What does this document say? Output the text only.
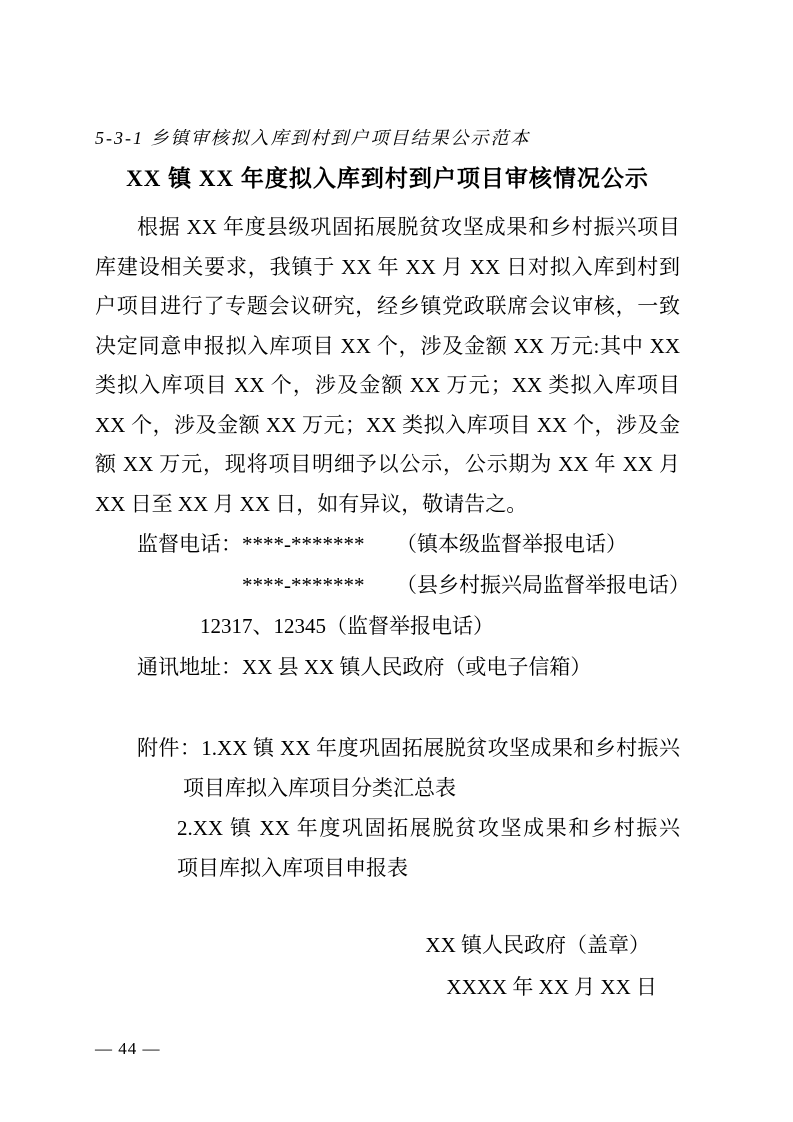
5-3-1 乡镇审核拟入库到村到户项目结果公示范本
XX 镇 XX 年度拟入库到村到户项目审核情况公示
根据 XX 年度县级巩固拓展脱贫攻坚成果和乡村振兴项目
库建设相关要求，我镇于 XX 年 XX 月 XX 日对拟入库到村到
户项目进行了专题会议研究，经乡镇党政联席会议审核，一致
决定同意申报拟入库项目 XX 个，涉及金额 XX 万元:其中 XX
类拟入库项目 XX 个，涉及金额 XX 万元；XX 类拟入库项目
XX 个，涉及金额 XX 万元；XX 类拟入库项目 XX 个，涉及金
额 XX 万元，现将项目明细予以公示，公示期为 XX 年 XX 月
XX 日至 XX 月 XX 日，如有异议，敬请告之。
监督电话：****-*******　　（镇本级监督举报电话）
****-*******　　（县乡村振兴局监督举报电话）
12317、12345（监督举报电话）
通讯地址：XX 县 XX 镇人民政府（或电子信箱）
附件：1.XX 镇 XX 年度巩固拓展脱贫攻坚成果和乡村振兴
项目库拟入库项目分类汇总表
2.XX 镇 XX 年度巩固拓展脱贫攻坚成果和乡村振兴
项目库拟入库项目申报表
XX 镇人民政府（盖章）
XXXX 年 XX 月 XX 日
— 44 —
